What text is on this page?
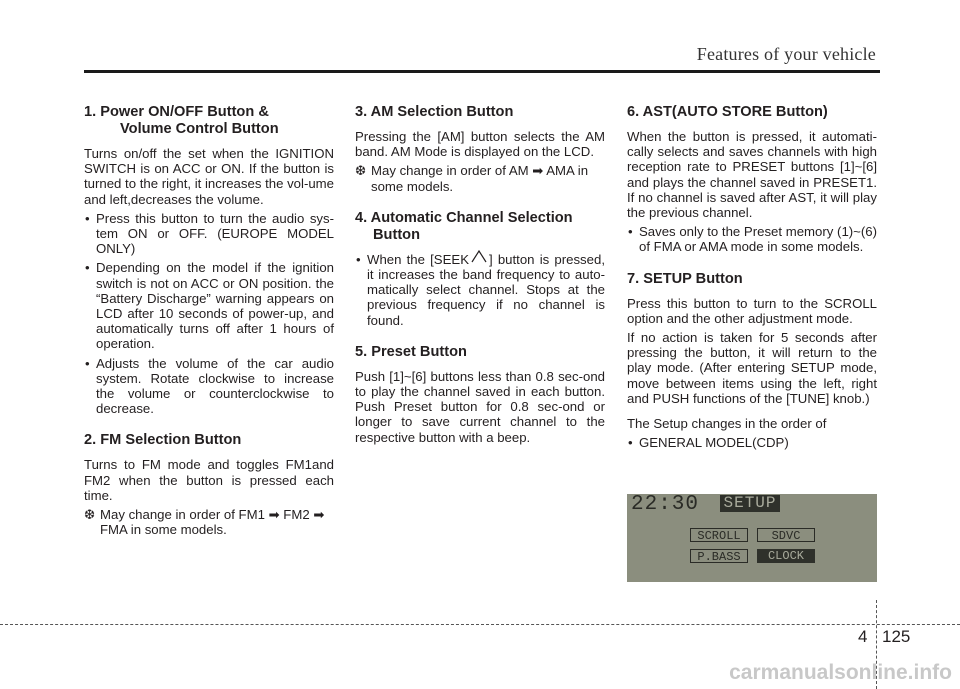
Features of your vehicle
1. Power ON/OFF Button &
Volume Control Button

Turns on/off the set when the IGNITION SWITCH is on ACC or ON. If the button is turned to the right, it increases the vol-ume and left,decreases the volume.

• Press this button to turn the audio sys-tem ON or OFF. (EUROPE MODEL ONLY)
• Depending on the model if the ignition switch is not on ACC or ON position. the “Battery Discharge” warning appears on LCD after 10 seconds of power-up, and automatically turns off after 1 hours of operation.
• Adjusts the volume of the car audio system. Rotate clockwise to increase the volume or counterclockwise to decrease.
2. FM Selection Button

Turns to FM mode and toggles FM1and FM2 when the button is pressed each time.

❆ May change in order of FM1 ➡ FM2 ➡ FMA in some models.
3. AM Selection Button

Pressing the [AM] button selects the AM band. AM Mode is displayed on the LCD.

❆ May change in order of AM ➡ AMA in some models.
4. Automatic Channel Selection
Button
• When the [SEEK ] button is pressed, it increases the band frequency to auto-matically select channel. Stops at the previous frequency if no channel is found.
5. Preset Button

Push [1]~[6] buttons less than 0.8 sec-ond to play the channel saved in each button. Push Preset button for 0.8 sec-ond or longer to save current channel to the respective button with a beep.

6. AST(AUTO STORE Button)

When the button is pressed, it automati-cally selects and saves channels with high reception rate to PRESET buttons [1]~[6] and plays the channel saved in PRESET1. If no channel is saved after AST, it will play the previous channel.

• Saves only to the Preset memory (1)~(6) of FMA or AMA mode in some models.
7. SETUP Button

Press this button to turn to the SCROLL option and the other adjustment mode.

If no action is taken for 5 seconds after pressing the button, it will return to the play mode. (After entering SETUP mode, move between items using the left, right and PUSH functions of the [TUNE] knob.)

The Setup changes in the order of

• GENERAL MODEL(CDP)
22:30 SETUP
SCROLL	SDVC
P.BASS	CLOCK
4 125
carmanualsonline.info
